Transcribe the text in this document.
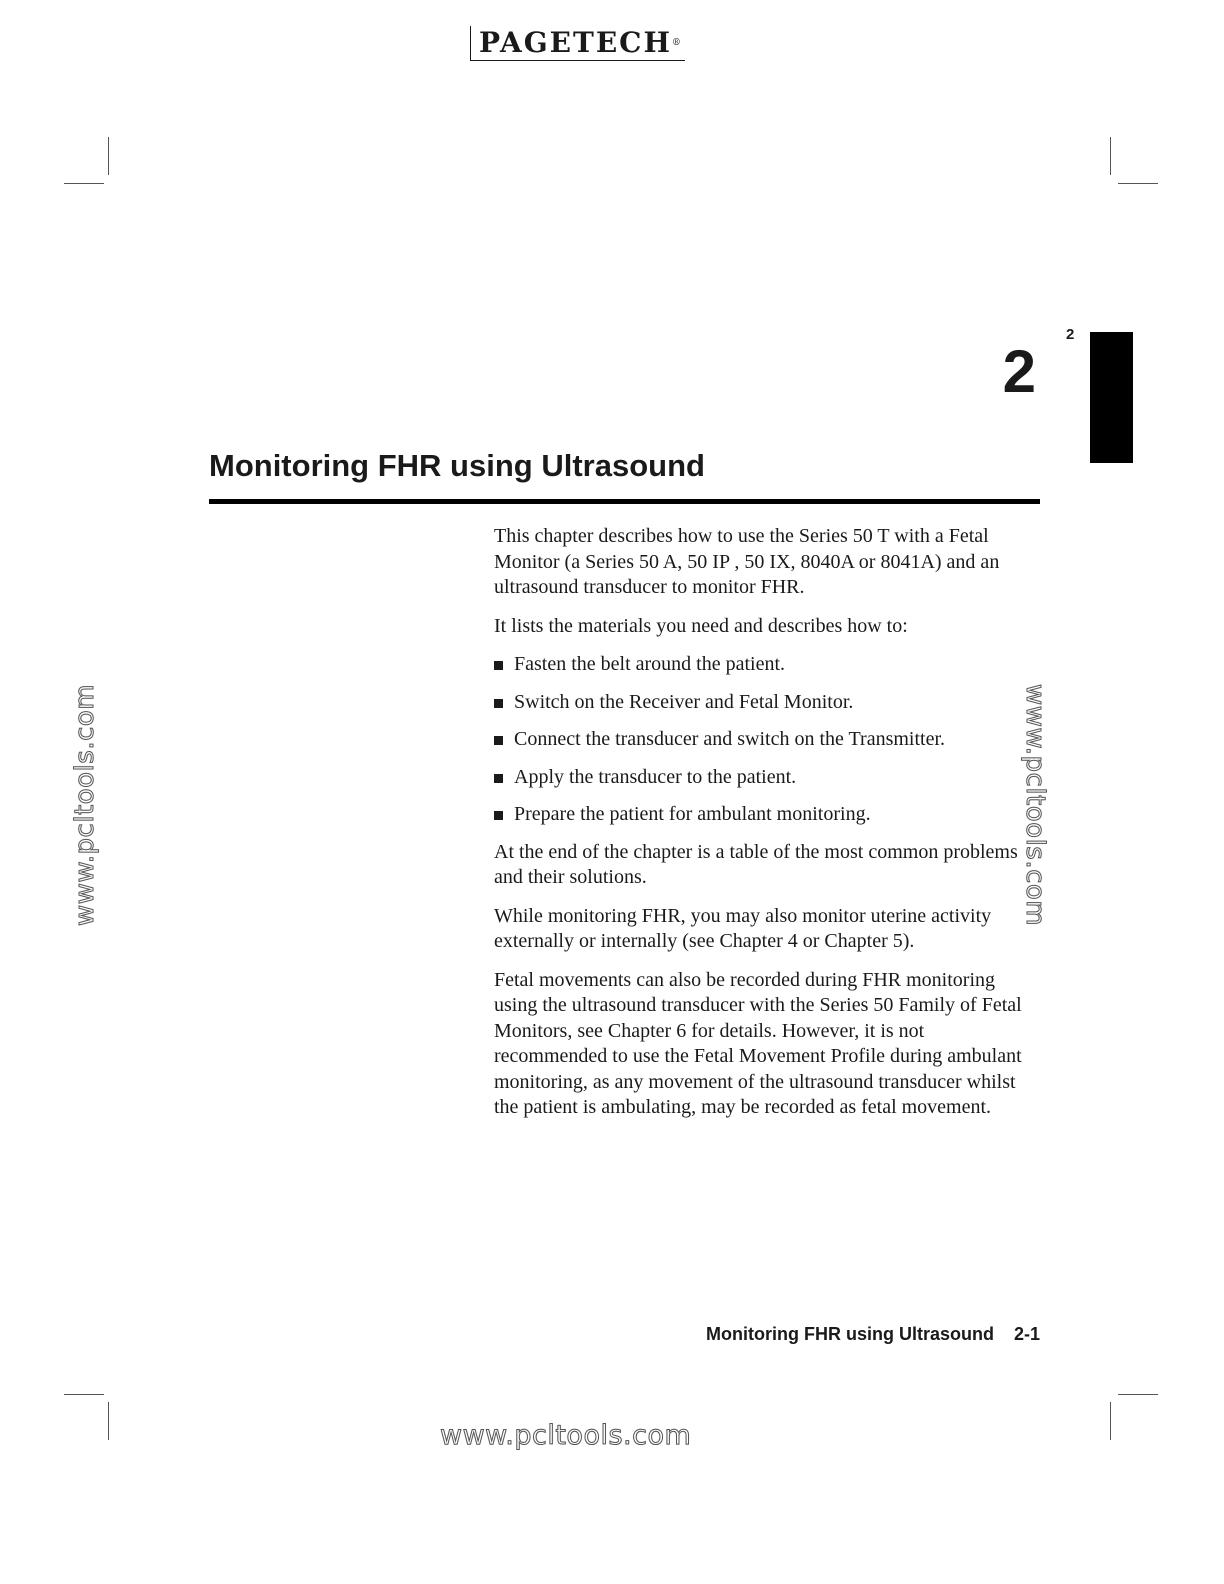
PAGETECH®
2
2
Monitoring FHR using Ultrasound

This chapter describes how to use the Series 50 T with a Fetal Monitor (a Series 50 A, 50 IP , 50 IX, 8040A or 8041A) and an ultrasound transducer to monitor FHR.

It lists the materials you need and describes how to:

Fasten the belt around the patient.
Switch on the Receiver and Fetal Monitor.
Connect the transducer and switch on the Transmitter.
Apply the transducer to the patient.
Prepare the patient for ambulant monitoring.

At the end of the chapter is a table of the most common problems and their solutions.

While monitoring FHR, you may also monitor uterine activity externally or internally (see Chapter 4 or Chapter 5).

Fetal movements can also be recorded during FHR monitoring using the ultrasound transducer with the Series 50 Family of Fetal Monitors, see Chapter 6 for details. However, it is not recommended to use the Fetal Movement Profile during ambulant monitoring, as any movement of the ultrasound transducer whilst the patient is ambulating, may be recorded as fetal movement.

www.pcltools.com	www.pcltools.com
www.pcltools.com
Monitoring FHR using Ultrasound 2-1
